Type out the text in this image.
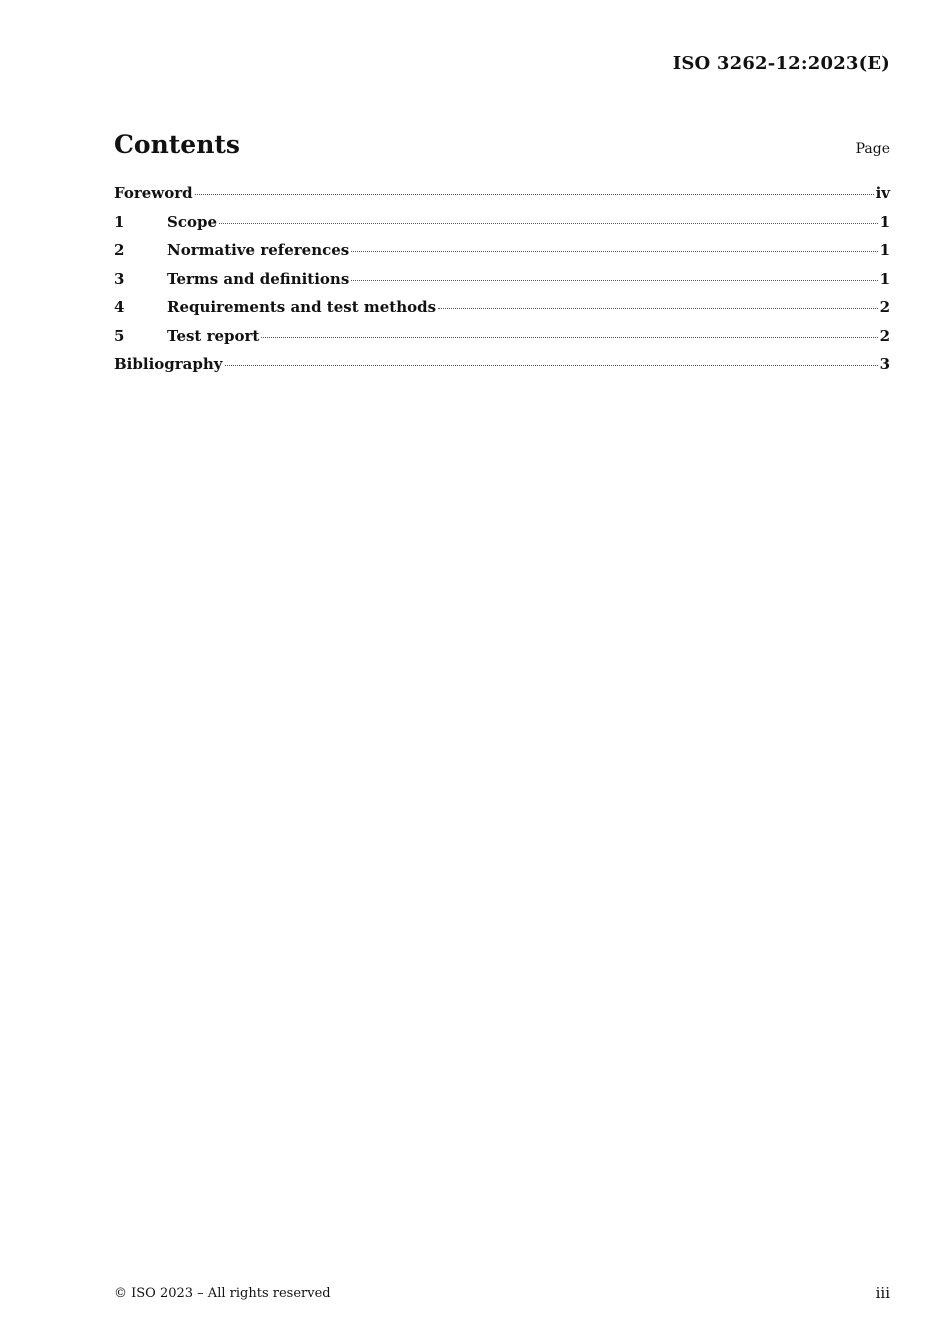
ISO 3262-12:2023(E)
Contents	Page
Foreword	iv
1	Scope	1
2	Normative references	1
3	Terms and definitions	1
4	Requirements and test methods	2
5	Test report	2
Bibliography	3
© ISO 2023 – All rights reserved	iii
